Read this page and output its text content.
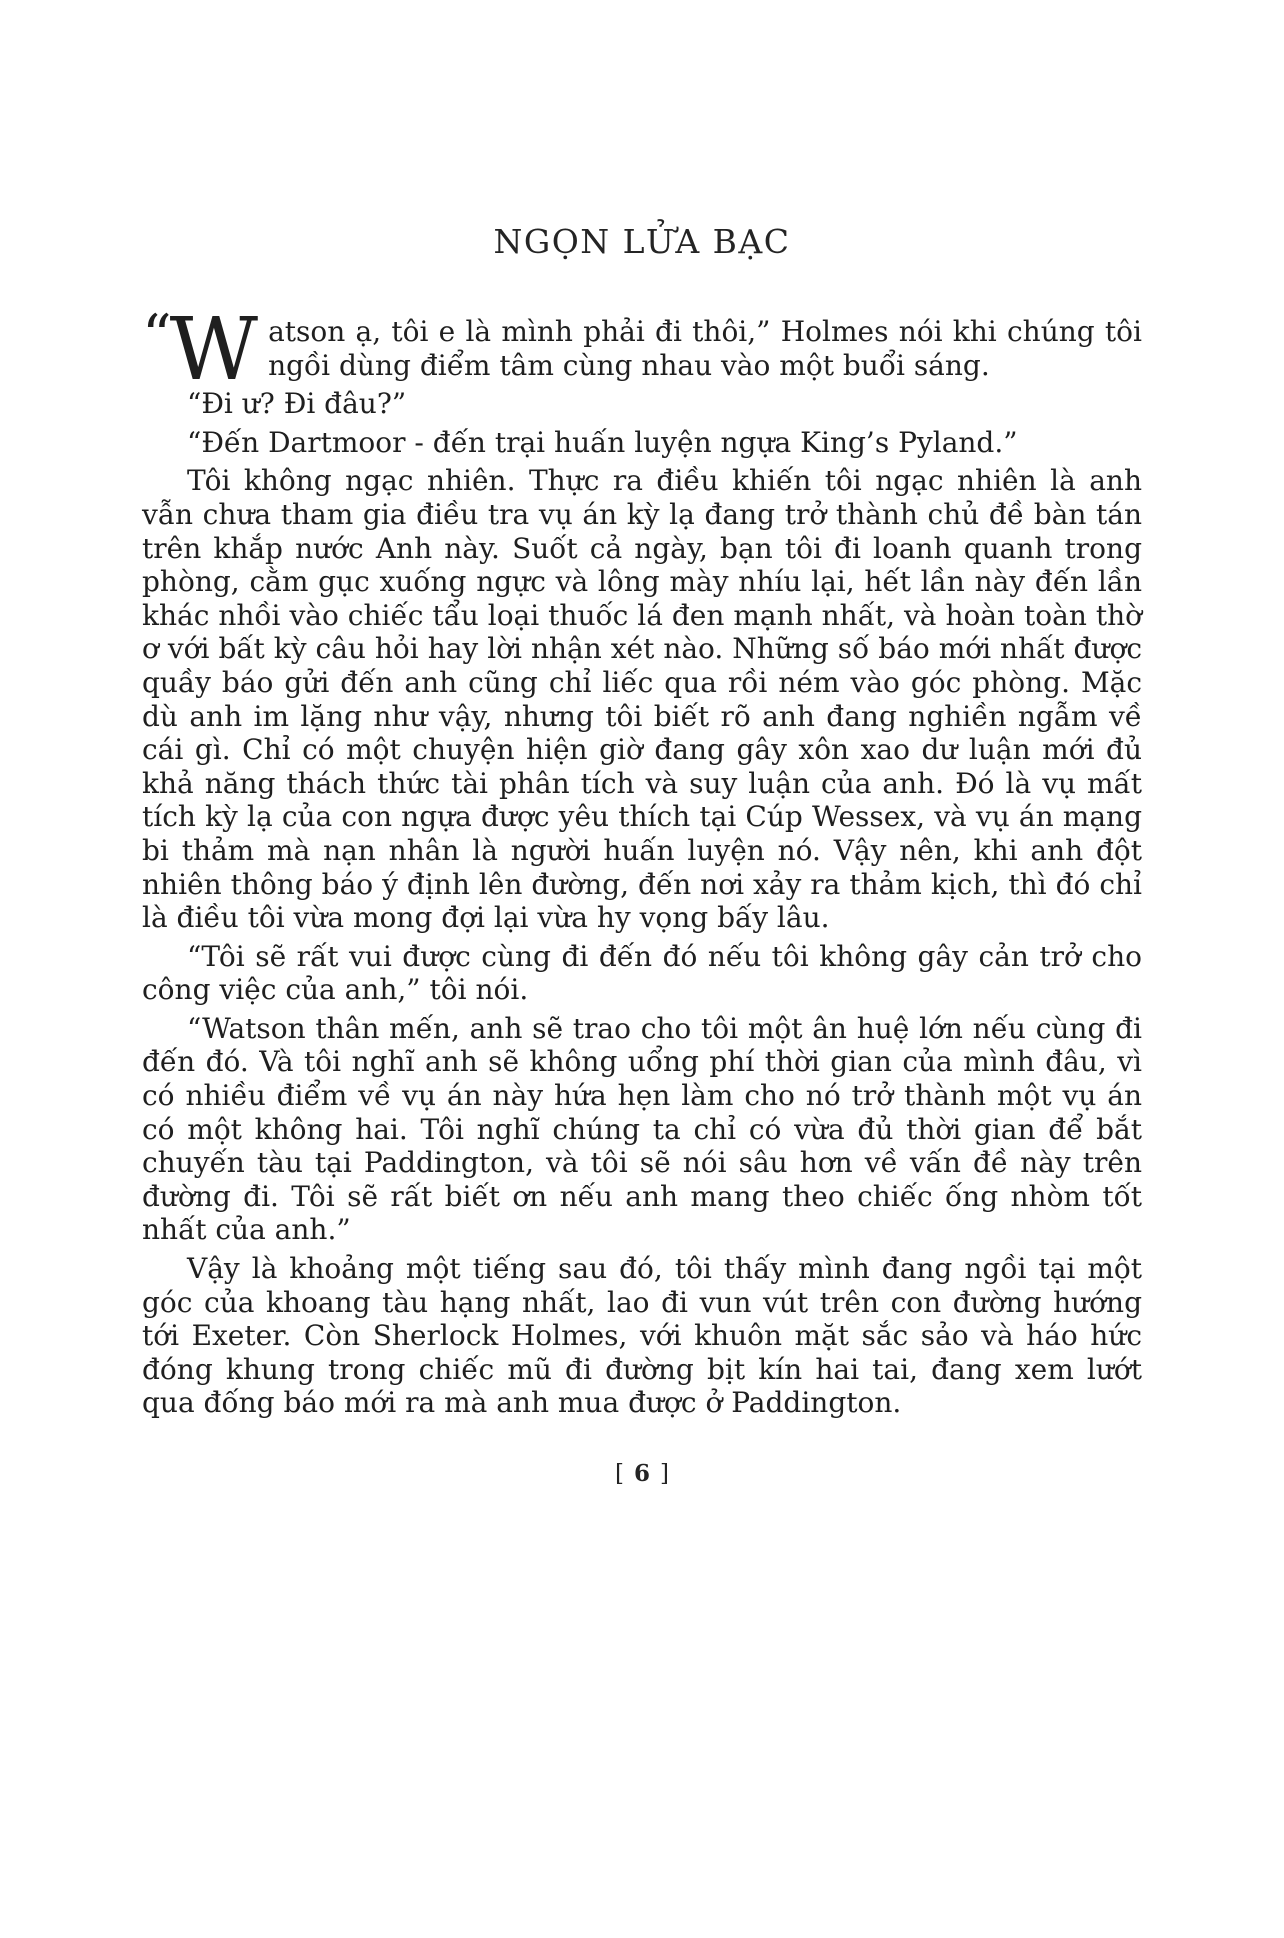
NGỌN LỬA BẠC

“ W atson ạ, tôi e là mình phải đi thôi,” Holmes nói khi chúng tôi ngồi dùng điểm tâm cùng nhau vào một buổi sáng.

“Đi ư? Đi đâu?”

“Đến Dartmoor - đến trại huấn luyện ngựa King’s Pyland.”

Tôi không ngạc nhiên. Thực ra điều khiến tôi ngạc nhiên là anh vẫn chưa tham gia điều tra vụ án kỳ lạ đang trở thành chủ đề bàn tán trên khắp nước Anh này. Suốt cả ngày, bạn tôi đi loanh quanh trong phòng, cằm gục xuống ngực và lông mày nhíu lại, hết lần này đến lần khác nhồi vào chiếc tẩu loại thuốc lá đen mạnh nhất, và hoàn toàn thờ ơ với bất kỳ câu hỏi hay lời nhận xét nào. Những số báo mới nhất được quầy báo gửi đến anh cũng chỉ liếc qua rồi ném vào góc phòng. Mặc dù anh im lặng như vậy, nhưng tôi biết rõ anh đang nghiền ngẫm về cái gì. Chỉ có một chuyện hiện giờ đang gây xôn xao dư luận mới đủ khả năng thách thức tài phân tích và suy luận của anh. Đó là vụ mất tích kỳ lạ của con ngựa được yêu thích tại Cúp Wessex, và vụ án mạng bi thảm mà nạn nhân là người huấn luyện nó. Vậy nên, khi anh đột nhiên thông báo ý định lên đường, đến nơi xảy ra thảm kịch, thì đó chỉ là điều tôi vừa mong đợi lại vừa hy vọng bấy lâu.

“Tôi sẽ rất vui được cùng đi đến đó nếu tôi không gây cản trở cho công việc của anh,” tôi nói.

“Watson thân mến, anh sẽ trao cho tôi một ân huệ lớn nếu cùng đi đến đó. Và tôi nghĩ anh sẽ không uổng phí thời gian của mình đâu, vì có nhiều điểm về vụ án này hứa hẹn làm cho nó trở thành một vụ án có một không hai. Tôi nghĩ chúng ta chỉ có vừa đủ thời gian để bắt chuyến tàu tại Paddington, và tôi sẽ nói sâu hơn về vấn đề này trên đường đi. Tôi sẽ rất biết ơn nếu anh mang theo chiếc ống nhòm tốt nhất của anh.”

Vậy là khoảng một tiếng sau đó, tôi thấy mình đang ngồi tại một góc của khoang tàu hạng nhất, lao đi vun vút trên con đường hướng tới Exeter. Còn Sherlock Holmes, với khuôn mặt sắc sảo và háo hức đóng khung trong chiếc mũ đi đường bịt kín hai tai, đang xem lướt qua đống báo mới ra mà anh mua được ở Paddington.

[ 6 ]
